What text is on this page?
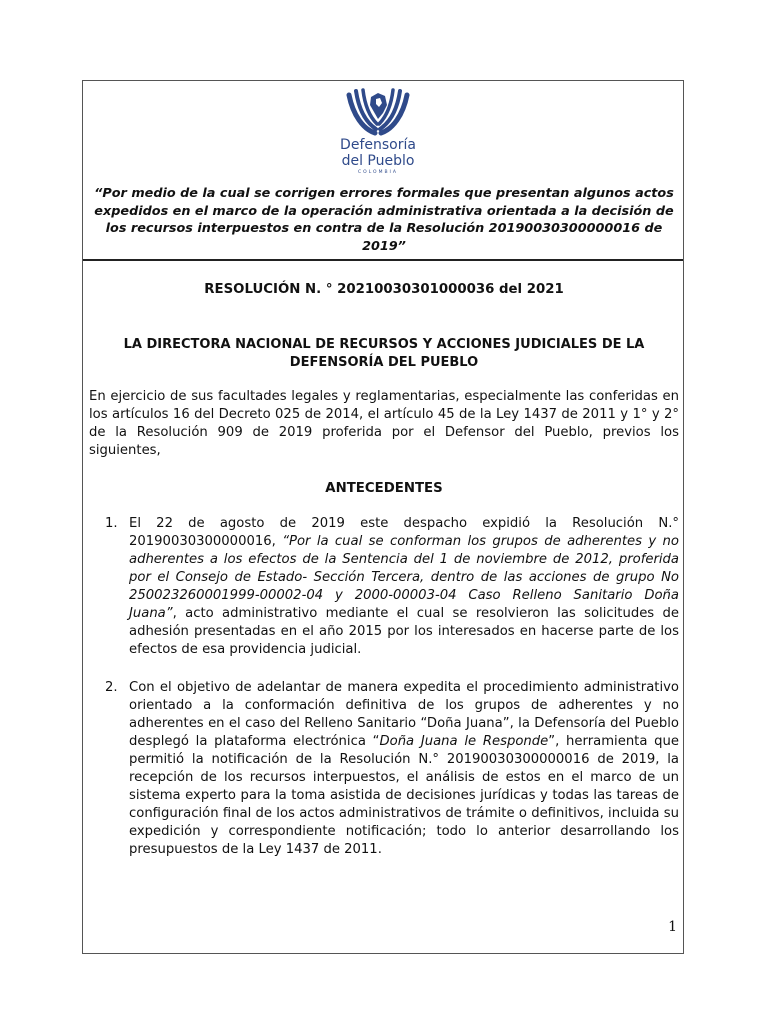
Defensoría
del Pueblo
COLOMBIA
“Por medio de la cual se corrigen errores formales que presentan algunos actos expedidos en el marco de la operación administrativa orientada a la decisión de los recursos interpuestos en contra de la Resolución 20190030300000016 de 2019”
RESOLUCIÓN N. ° 20210030301000036 del 2021
LA DIRECTORA NACIONAL DE RECURSOS Y ACCIONES JUDICIALES DE LA DEFENSORÍA DEL PUEBLO
En ejercicio de sus facultades legales y reglamentarias, especialmente las conferidas en los artículos 16 del Decreto 025 de 2014, el artículo 45 de la Ley 1437 de 2011 y 1° y 2° de la Resolución 909 de 2019 proferida por el Defensor del Pueblo, previos los siguientes,
ANTECEDENTES
1. El 22 de agosto de 2019 este despacho expidió la Resolución N.° 20190030300000016, “Por la cual se conforman los grupos de adherentes y no adherentes a los efectos de la Sentencia del 1 de noviembre de 2012, proferida por el Consejo de Estado- Sección Tercera, dentro de las acciones de grupo No 250023260001999-00002-04 y 2000-00003-04 Caso Relleno Sanitario Doña Juana”, acto administrativo mediante el cual se resolvieron las solicitudes de adhesión presentadas en el año 2015 por los interesados en hacerse parte de los efectos de esa providencia judicial.
2. Con el objetivo de adelantar de manera expedita el procedimiento administrativo orientado a la conformación definitiva de los grupos de adherentes y no adherentes en el caso del Relleno Sanitario “Doña Juana”, la Defensoría del Pueblo desplegó la plataforma electrónica “Doña Juana le Responde”, herramienta que permitió la notificación de la Resolución N.° 20190030300000016 de 2019, la recepción de los recursos interpuestos, el análisis de estos en el marco de un sistema experto para la toma asistida de decisiones jurídicas y todas las tareas de configuración final de los actos administrativos de trámite o definitivos, incluida su expedición y correspondiente notificación; todo lo anterior desarrollando los presupuestos de la Ley 1437 de 2011.
1
